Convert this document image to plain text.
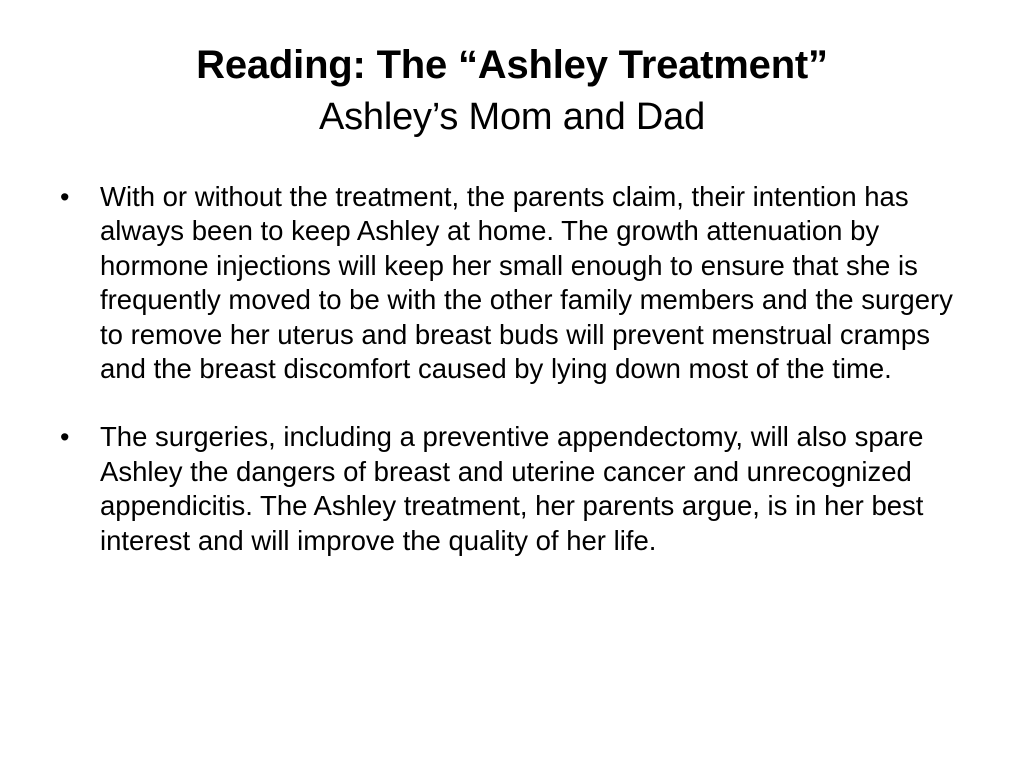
Reading: The “Ashley Treatment”
Ashley’s Mom and Dad
•	With or without the treatment, the parents claim, their intention has always been to keep Ashley at home. The growth attenuation by hormone injections will keep her small enough to ensure that she is frequently moved to be with the other family members and the surgery to remove her uterus and breast buds will prevent menstrual cramps and the breast discomfort caused by lying down most of the time.
•	The surgeries, including a preventive appendectomy, will also spare Ashley the dangers of breast and uterine cancer and unrecognized appendicitis. The Ashley treatment, her parents argue, is in her best interest and will improve the quality of her life.
